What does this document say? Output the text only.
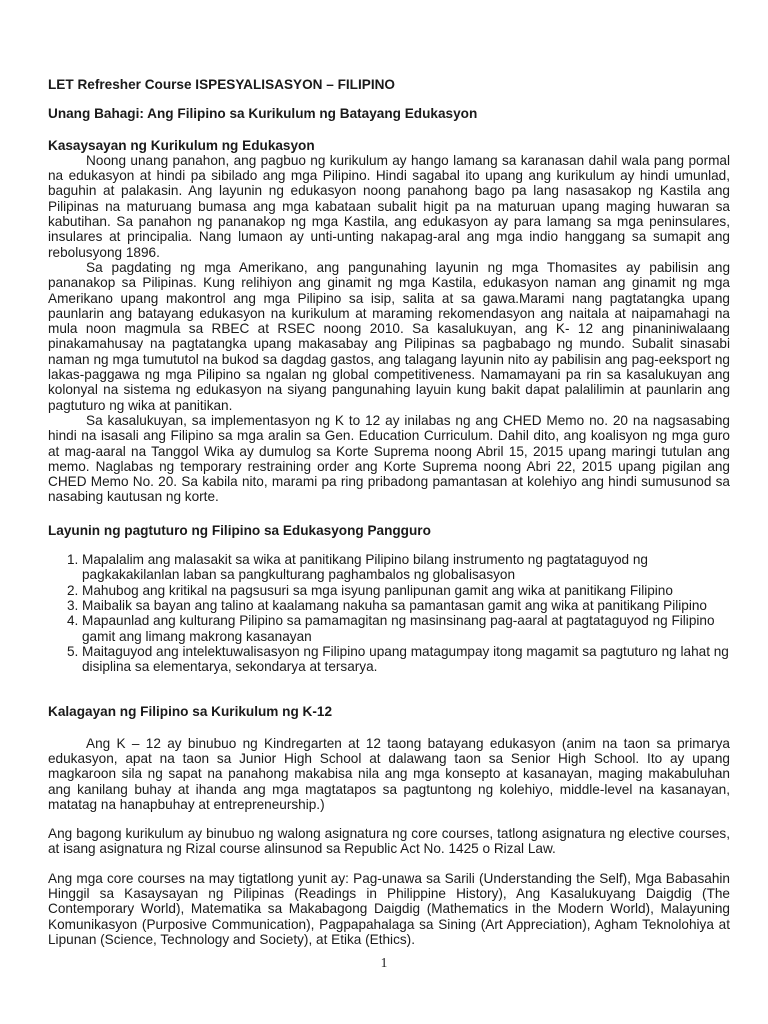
LET Refresher Course ISPESYALISASYON – FILIPINO

Unang Bahagi: Ang Filipino sa Kurikulum ng Batayang Edukasyon

Kasaysayan ng Kurikulum ng Edukasyon

Noong unang panahon, ang pagbuo ng kurikulum ay hango lamang sa karanasan dahil wala pang pormal na edukasyon at hindi pa sibilado ang mga Pilipino. Hindi sagabal ito upang ang kurikulum ay hindi umunlad, baguhin at palakasin. Ang layunin ng edukasyon noong panahong bago pa lang nasasakop ng Kastila ang Pilipinas na maturuang bumasa ang mga kabataan subalit higit pa na maturuan upang maging huwaran sa kabutihan. Sa panahon ng pananakop ng mga Kastila, ang edukasyon ay para lamang sa mga peninsulares, insulares at principalia. Nang lumaon ay unti-unting nakapag-aral ang mga indio hanggang sa sumapit ang rebolusyong 1896.

Sa pagdating ng mga Amerikano, ang pangunahing layunin ng mga Thomasites ay pabilisin ang pananakop sa Pilipinas. Kung relihiyon ang ginamit ng mga Kastila, edukasyon naman ang ginamit ng mga Amerikano upang makontrol ang mga Pilipino sa isip, salita at sa gawa.Marami nang pagtatangka upang paunlarin ang batayang edukasyon na kurikulum at maraming rekomendasyon ang naitala at naipamahagi na mula noon magmula sa RBEC at RSEC noong 2010. Sa kasalukuyan, ang K- 12 ang pinaniniwalaang pinakamahusay na pagtatangka upang makasabay ang Pilipinas sa pagbabago ng mundo. Subalit sinasabi naman ng mga tumututol na bukod sa dagdag gastos, ang talagang layunin nito ay pabilisin ang pag-eeksport ng lakas-paggawa ng mga Pilipino sa ngalan ng global competitiveness. Namamayani pa rin sa kasalukuyan ang kolonyal na sistema ng edukasyon na siyang pangunahing layuin kung bakit dapat palalilimin at paunlarin ang pagtuturo ng wika at panitikan.

Sa kasalukuyan, sa implementasyon ng K to 12 ay inilabas ng ang CHED Memo no. 20 na nagsasabing hindi na isasali ang Filipino sa mga aralin sa Gen. Education Curriculum. Dahil dito, ang koalisyon ng mga guro at mag-aaral na Tanggol Wika ay dumulog sa Korte Suprema noong Abril 15, 2015 upang maringi tutulan ang memo. Naglabas ng temporary restraining order ang Korte Suprema noong Abri 22, 2015 upang pigilan ang CHED Memo No. 20. Sa kabila nito, marami pa ring pribadong pamantasan at kolehiyo ang hindi sumusunod sa nasabing kautusan ng korte.

Layunin ng pagtuturo ng Filipino sa Edukasyong Pangguro

1. Mapalalim ang malasakit sa wika at panitikang Pilipino bilang instrumento ng pagtataguyod ng pagkakakilanlan laban sa pangkulturang paghambalos ng globalisasyon
2. Mahubog ang kritikal na pagsusuri sa mga isyung panlipunan gamit ang wika at panitikang Filipino
3. Maibalik sa bayan ang talino at kaalamang nakuha sa pamantasan gamit ang wika at panitikang Pilipino
4. Mapaunlad ang kulturang Pilipino sa pamamagitan ng masinsinang pag-aaral at pagtataguyod ng Filipino gamit ang limang makrong kasanayan
5. Maitaguyod ang intelektuwalisasyon ng Filipino upang matagumpay itong magamit sa pagtuturo ng lahat ng disiplina sa elementarya, sekondarya at tersarya.

Kalagayan ng Filipino sa Kurikulum ng K-12

Ang K – 12 ay binubuo ng Kindregarten at 12 taong batayang edukasyon (anim na taon sa primarya edukasyon, apat na taon sa Junior High School at dalawang taon sa Senior High School. Ito ay upang magkaroon sila ng sapat na panahong makabisa nila ang mga konsepto at kasanayan, maging makabuluhan ang kanilang buhay at ihanda ang mga magtatapos sa pagtuntong ng kolehiyo, middle-level na kasanayan, matatag na hanapbuhay at entrepreneurship.)

Ang bagong kurikulum ay binubuo ng walong asignatura ng core courses, tatlong asignatura ng elective courses, at isang asignatura ng Rizal course alinsunod sa Republic Act No. 1425 o Rizal Law.

Ang mga core courses na may tigtatlong yunit ay: Pag-unawa sa Sarili (Understanding the Self), Mga Babasahin Hinggil sa Kasaysayan ng Pilipinas (Readings in Philippine History), Ang Kasalukuyang Daigdig (The Contemporary World), Matematika sa Makabagong Daigdig (Mathematics in the Modern World), Malayuning Komunikasyon (Purposive Communication), Pagpapahalaga sa Sining (Art Appreciation), Agham Teknolohiya at Lipunan (Science, Technology and Society), at Etika (Ethics).

1
